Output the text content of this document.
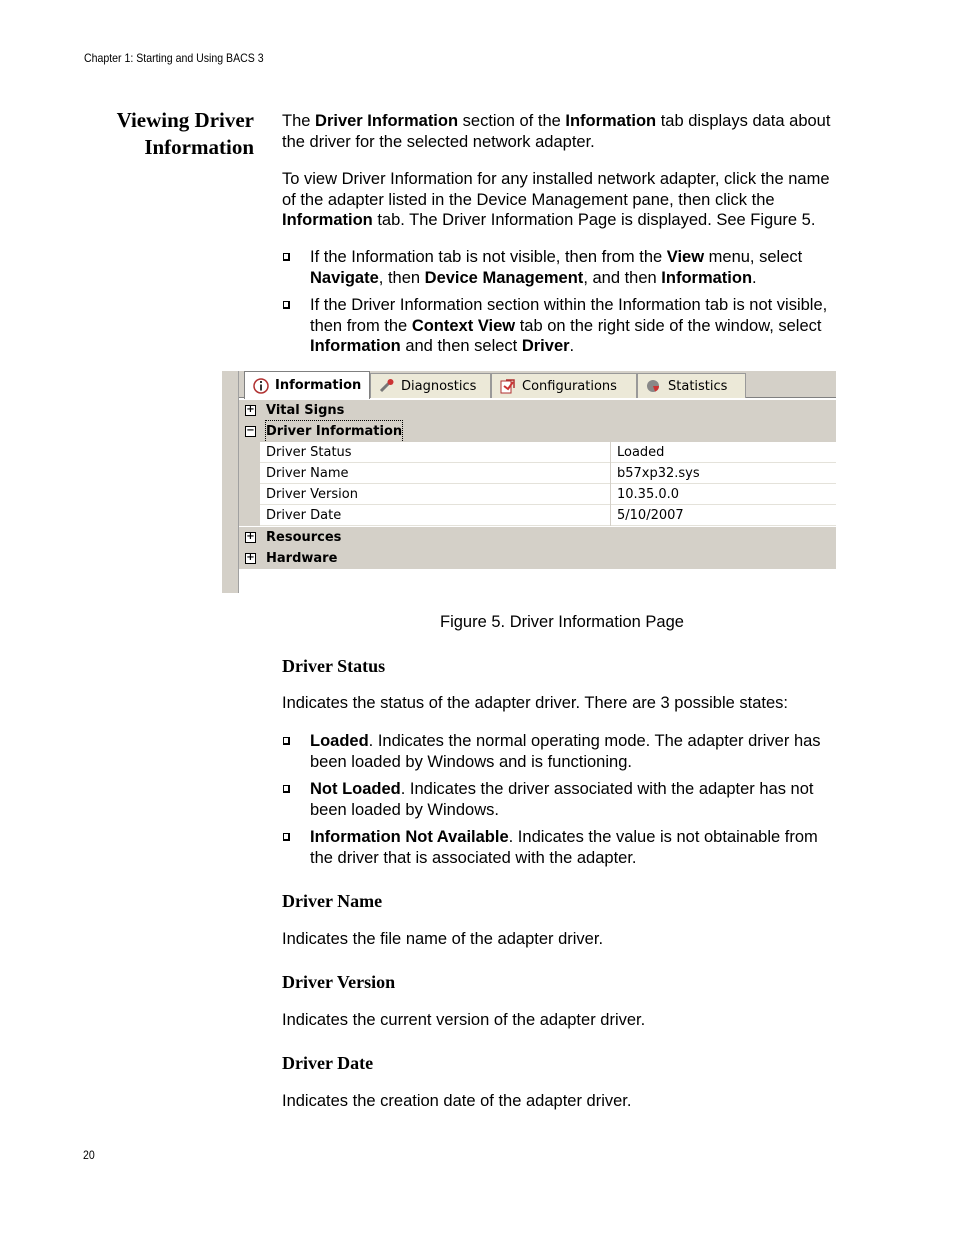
Chapter 1: Starting and Using BACS 3
Viewing Driver
Information
The Driver Information section of the Information tab displays data about the driver for the selected network adapter.
To view Driver Information for any installed network adapter, click the name of the adapter listed in the Device Management pane, then click the Information tab. The Driver Information Page is displayed. See Figure 5.
If the Information tab is not visible, then from the View menu, select Navigate, then Device Management, and then Information.
If the Driver Information section within the Information tab is not visible, then from the Context View tab on the right side of the window, select Information and then select Driver.
Information	Diagnostics	Configurations	Statistics
+ Vital Signs
− Driver Information
Driver Status	Loaded
Driver Name	b57xp32.sys
Driver Version	10.35.0.0
Driver Date	5/10/2007
+ Resources
+ Hardware
Figure 5. Driver Information Page
Driver Status
Indicates the status of the adapter driver. There are 3 possible states:
Loaded. Indicates the normal operating mode. The adapter driver has been loaded by Windows and is functioning.
Not Loaded. Indicates the driver associated with the adapter has not been loaded by Windows.
Information Not Available. Indicates the value is not obtainable from the driver that is associated with the adapter.
Driver Name
Indicates the file name of the adapter driver.
Driver Version
Indicates the current version of the adapter driver.
Driver Date
Indicates the creation date of the adapter driver.
20
